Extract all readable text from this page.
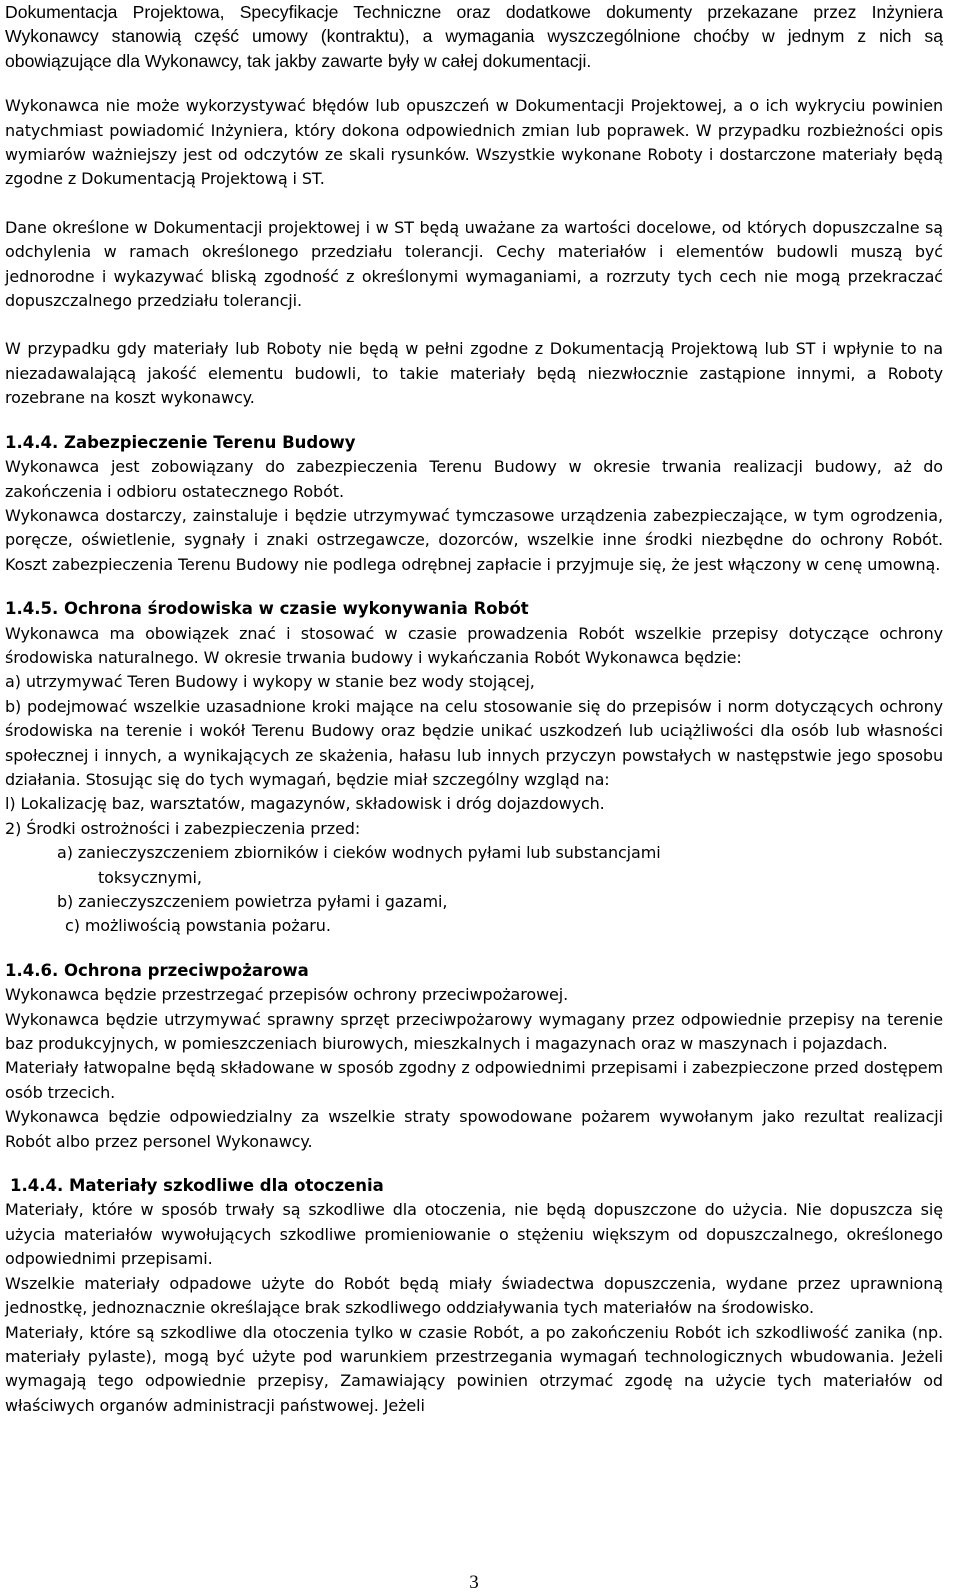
Dokumentacja Projektowa, Specyfikacje Techniczne oraz dodatkowe dokumenty przekazane przez Inżyniera Wykonawcy stanowią część umowy (kontraktu), a wymagania wyszczególnione choćby w jednym z nich są obowiązujące dla Wykonawcy, tak jakby zawarte były w całej dokumentacji.

Wykonawca nie może wykorzystywać błędów lub opuszczeń w Dokumentacji Projektowej, a o ich wykryciu powinien natychmiast powiadomić Inżyniera, który dokona odpowiednich zmian lub poprawek. W przypadku rozbieżności opis wymiarów ważniejszy jest od odczytów ze skali rysunków. Wszystkie wykonane Roboty i dostarczone materiały będą zgodne z Dokumentacją Projektową i ST.

Dane określone w Dokumentacji projektowej i w ST będą uważane za wartości docelowe, od których dopuszczalne są odchylenia w ramach określonego przedziału tolerancji. Cechy materiałów i elementów budowli muszą być jednorodne i wykazywać bliską zgodność z określonymi wymaganiami, a rozrzuty tych cech nie mogą przekraczać dopuszczalnego przedziału tolerancji.

W przypadku gdy materiały lub Roboty nie będą w pełni zgodne z Dokumentacją Projektową lub ST i wpłynie to na niezadawalającą jakość elementu budowli, to takie materiały będą niezwłocznie zastąpione innymi, a Roboty rozebrane na koszt wykonawcy.

1.4.4. Zabezpieczenie Terenu Budowy

Wykonawca jest zobowiązany do zabezpieczenia Terenu Budowy w okresie trwania realizacji budowy, aż do zakończenia i odbioru ostatecznego Robót.

Wykonawca dostarczy, zainstaluje i będzie utrzymywać tymczasowe urządzenia zabezpieczające, w tym ogrodzenia, poręcze, oświetlenie, sygnały i znaki ostrzegawcze, dozorców, wszelkie inne środki niezbędne do ochrony Robót. Koszt zabezpieczenia Terenu Budowy nie podlega odrębnej zapłacie i przyjmuje się, że jest włączony w cenę umowną.

1.4.5. Ochrona środowiska w czasie wykonywania Robót

Wykonawca ma obowiązek znać i stosować w czasie prowadzenia Robót wszelkie przepisy dotyczące ochrony środowiska naturalnego. W okresie trwania budowy i wykańczania Robót Wykonawca będzie:

a) utrzymywać Teren Budowy i wykopy w stanie bez wody stojącej,

b) podejmować wszelkie uzasadnione kroki mające na celu stosowanie się do przepisów i norm dotyczących ochrony środowiska na terenie i wokół Terenu Budowy oraz będzie unikać uszkodzeń lub uciążliwości dla osób lub własności społecznej i innych, a wynikających ze skażenia, hałasu lub innych przyczyn powstałych w następstwie jego sposobu działania. Stosując się do tych wymagań, będzie miał szczególny wzgląd na:

l) Lokalizację baz, warsztatów, magazynów, składowisk i dróg dojazdowych.

2) Środki ostrożności i zabezpieczenia przed:

a) zanieczyszczeniem zbiorników i cieków wodnych pyłami lub substancjami

toksycznymi,

b) zanieczyszczeniem powietrza pyłami i gazami,

c) możliwością powstania pożaru.

1.4.6. Ochrona przeciwpożarowa

Wykonawca będzie przestrzegać przepisów ochrony przeciwpożarowej.

Wykonawca będzie utrzymywać sprawny sprzęt przeciwpożarowy wymagany przez odpowiednie przepisy na terenie baz produkcyjnych, w pomieszczeniach biurowych, mieszkalnych i magazynach oraz w maszynach i pojazdach.

Materiały łatwopalne będą składowane w sposób zgodny z odpowiednimi przepisami i zabezpieczone przed dostępem osób trzecich.

Wykonawca będzie odpowiedzialny za wszelkie straty spowodowane pożarem wywołanym jako rezultat realizacji Robót albo przez personel Wykonawcy.

1.4.4. Materiały szkodliwe dla otoczenia

Materiały, które w sposób trwały są szkodliwe dla otoczenia, nie będą dopuszczone do użycia. Nie dopuszcza się użycia materiałów wywołujących szkodliwe promieniowanie o stężeniu większym od dopuszczalnego, określonego odpowiednimi przepisami.

Wszelkie materiały odpadowe użyte do Robót będą miały świadectwa dopuszczenia, wydane przez uprawnioną jednostkę, jednoznacznie określające brak szkodliwego oddziaływania tych materiałów na środowisko.

Materiały, które są szkodliwe dla otoczenia tylko w czasie Robót, a po zakończeniu Robót ich szkodliwość zanika (np. materiały pylaste), mogą być użyte pod warunkiem przestrzegania wymagań technologicznych wbudowania. Jeżeli wymagają tego odpowiednie przepisy, Zamawiający powinien otrzymać zgodę na użycie tych materiałów od właściwych organów administracji państwowej. Jeżeli

3
